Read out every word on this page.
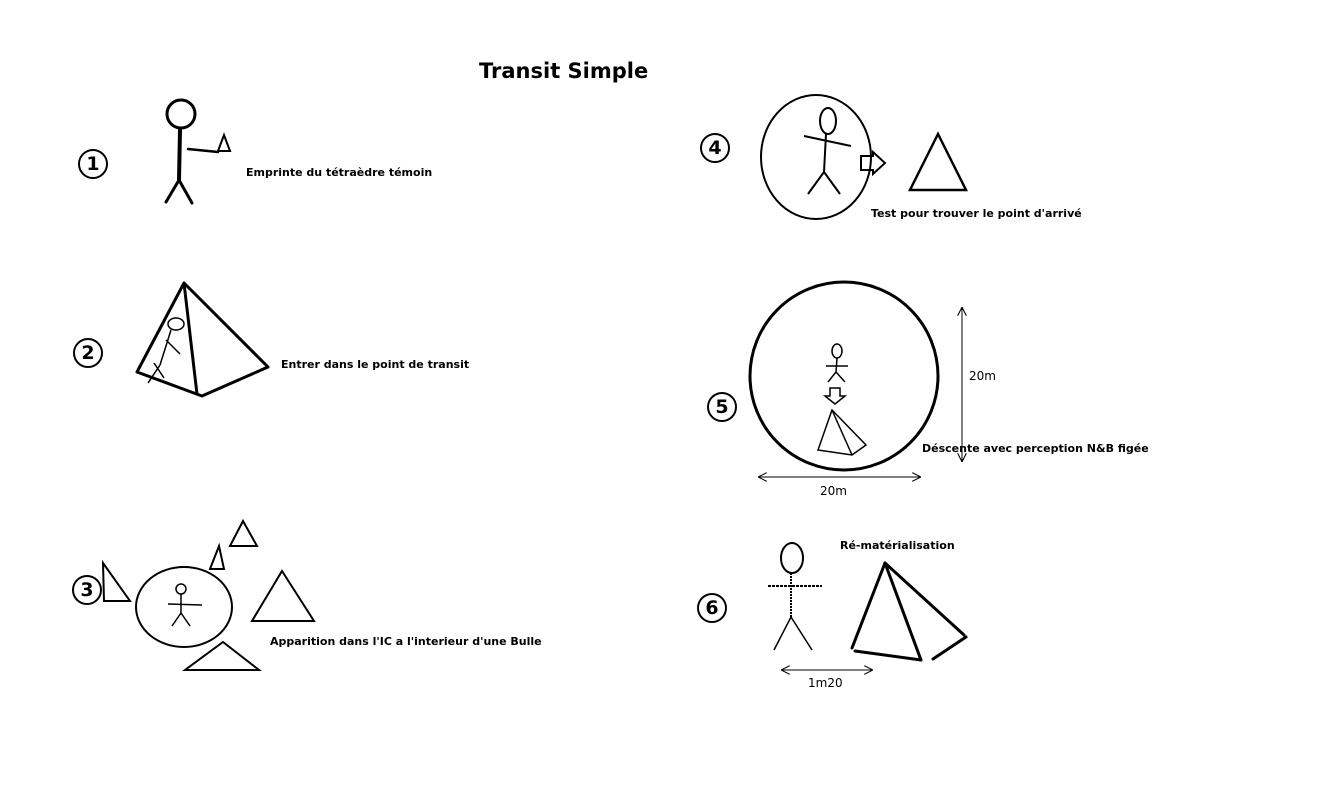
Transit Simple
1
2
3
4
5
6
Emprinte du tétraèdre témoin
Entrer dans le point de transit
Apparition dans l'IC a l'interieur d'une Bulle
Test pour trouver le point d'arrivé
Déscente avec perception N&B figée
Ré-matérialisation
20m
20m
1m20
